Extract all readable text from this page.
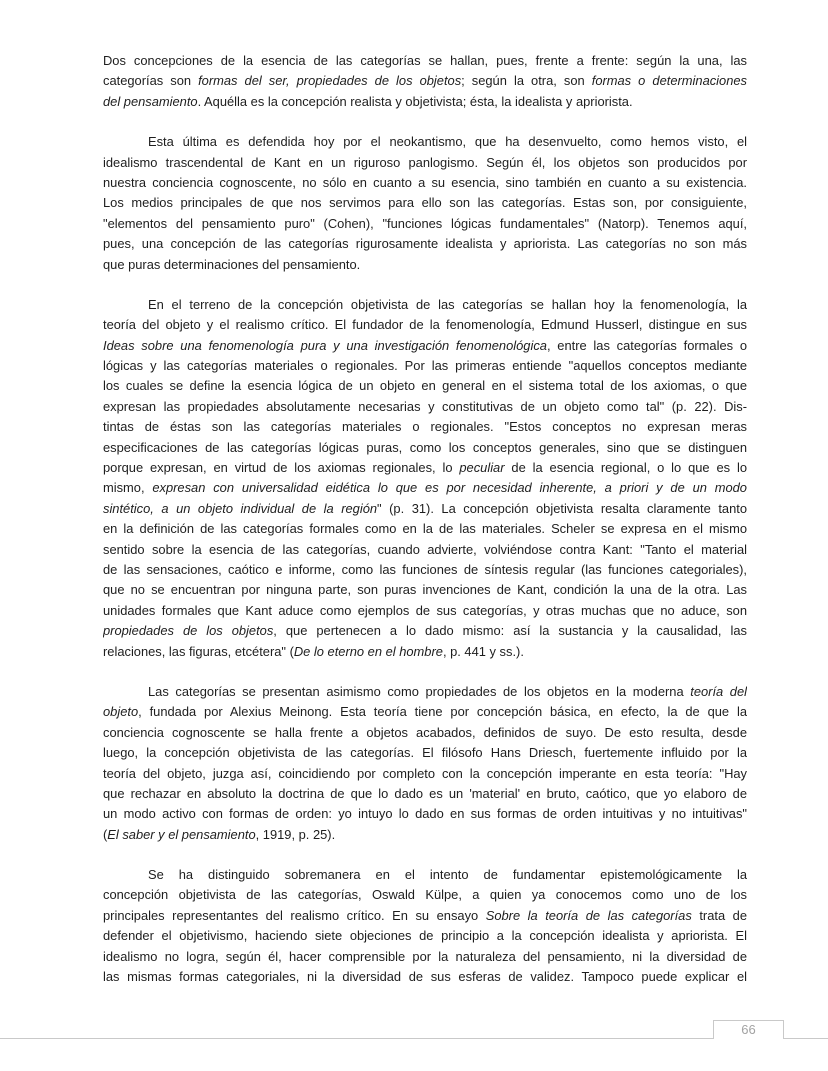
Dos concepciones de la esencia de las categorías se hallan, pues, frente a frente: según la una, las
categorías son formas del ser, propiedades de los objetos; según la otra, son formas o determinaciones
del pensamiento. Aquélla es la concepción realista y objetivista; ésta, la idealista y apriorista.
Esta última es defendida hoy por el neokantismo, que ha desenvuelto, como hemos visto, el
idealismo trascendental de Kant en un riguroso panlogismo. Según él, los objetos son producidos por
nuestra conciencia cognoscente, no sólo en cuanto a su esencia, sino también en cuanto a su existencia.
Los medios principales de que nos servimos para ello son las categorías. Estas son, por consiguiente,
"elementos del pensamiento puro" (Cohen), "funciones lógicas fundamentales" (Natorp). Tenemos aquí,
pues, una concepción de las categorías rigurosamente idealista y apriorista. Las categorías no son más
que puras determinaciones del pensamiento.
En el terreno de la concepción objetivista de las categorías se hallan hoy la fenomenología, la
teoría del objeto y el realismo crítico. El fundador de la fenomenología, Edmund Husserl, distingue en sus
Ideas sobre una fenomenología pura y una investigación fenomenológica, entre las categorías formales o
lógicas y las categorías materiales o regionales. Por las primeras entiende "aquellos conceptos mediante
los cuales se define la esencia lógica de un objeto en general en el sistema total de los axiomas, o que
expresan las propiedades absolutamente necesarias y constitutivas de un objeto como tal" (p. 22). Dis-
tintas de éstas son las categorías materiales o regionales. "Estos conceptos no expresan meras
especificaciones de las categorías lógicas puras, como los conceptos generales, sino que se distinguen
porque expresan, en virtud de los axiomas regionales, lo peculiar de la esencia regional, o lo que es lo
mismo, expresan con universalidad eidética lo que es por necesidad inherente, a priori y de un modo
sintético, a un objeto individual de la región" (p. 31). La concepción objetivista resalta claramente tanto
en la definición de las categorías formales como en la de las materiales. Scheler se expresa en el mismo
sentido sobre la esencia de las categorías, cuando advierte, volviéndose contra Kant: "Tanto el material
de las sensaciones, caótico e informe, como las funciones de síntesis regular (las funciones categoriales),
que no se encuentran por ninguna parte, son puras invenciones de Kant, condición la una de la otra. Las
unidades formales que Kant aduce como ejemplos de sus categorías, y otras muchas que no aduce, son
propiedades de los objetos, que pertenecen a lo dado mismo: así la sustancia y la causalidad, las
relaciones, las figuras, etcétera" (De lo eterno en el hombre, p. 441 y ss.).
Las categorías se presentan asimismo como propiedades de los objetos en la moderna teoría del
objeto, fundada por Alexius Meinong. Esta teoría tiene por concepción básica, en efecto, la de que la
conciencia cognoscente se halla frente a objetos acabados, definidos de suyo. De esto resulta, desde
luego, la concepción objetivista de las categorías. El filósofo Hans Driesch, fuertemente influido por la
teoría del objeto, juzga así, coincidiendo por completo con la concepción imperante en esta teoría: "Hay
que rechazar en absoluto la doctrina de que lo dado es un 'material' en bruto, caótico, que yo elaboro de
un modo activo con formas de orden: yo intuyo lo dado en sus formas de orden intuitivas y no intuitivas"
(El saber y el pensamiento, 1919, p. 25).
Se ha distinguido sobremanera en el intento de fundamentar epistemológicamente la
concepción objetivista de las categorías, Oswald Külpe, a quien ya conocemos como uno de los
principales representantes del realismo crítico. En su ensayo Sobre la teoría de las categorías trata de
defender el objetivismo, haciendo siete objeciones de principio a la concepción idealista y apriorista. El
idealismo no logra, según él, hacer comprensible por la naturaleza del pensamiento, ni la diversidad de
las mismas formas categoriales, ni la diversidad de sus esferas de validez. Tampoco puede explicar el
66
